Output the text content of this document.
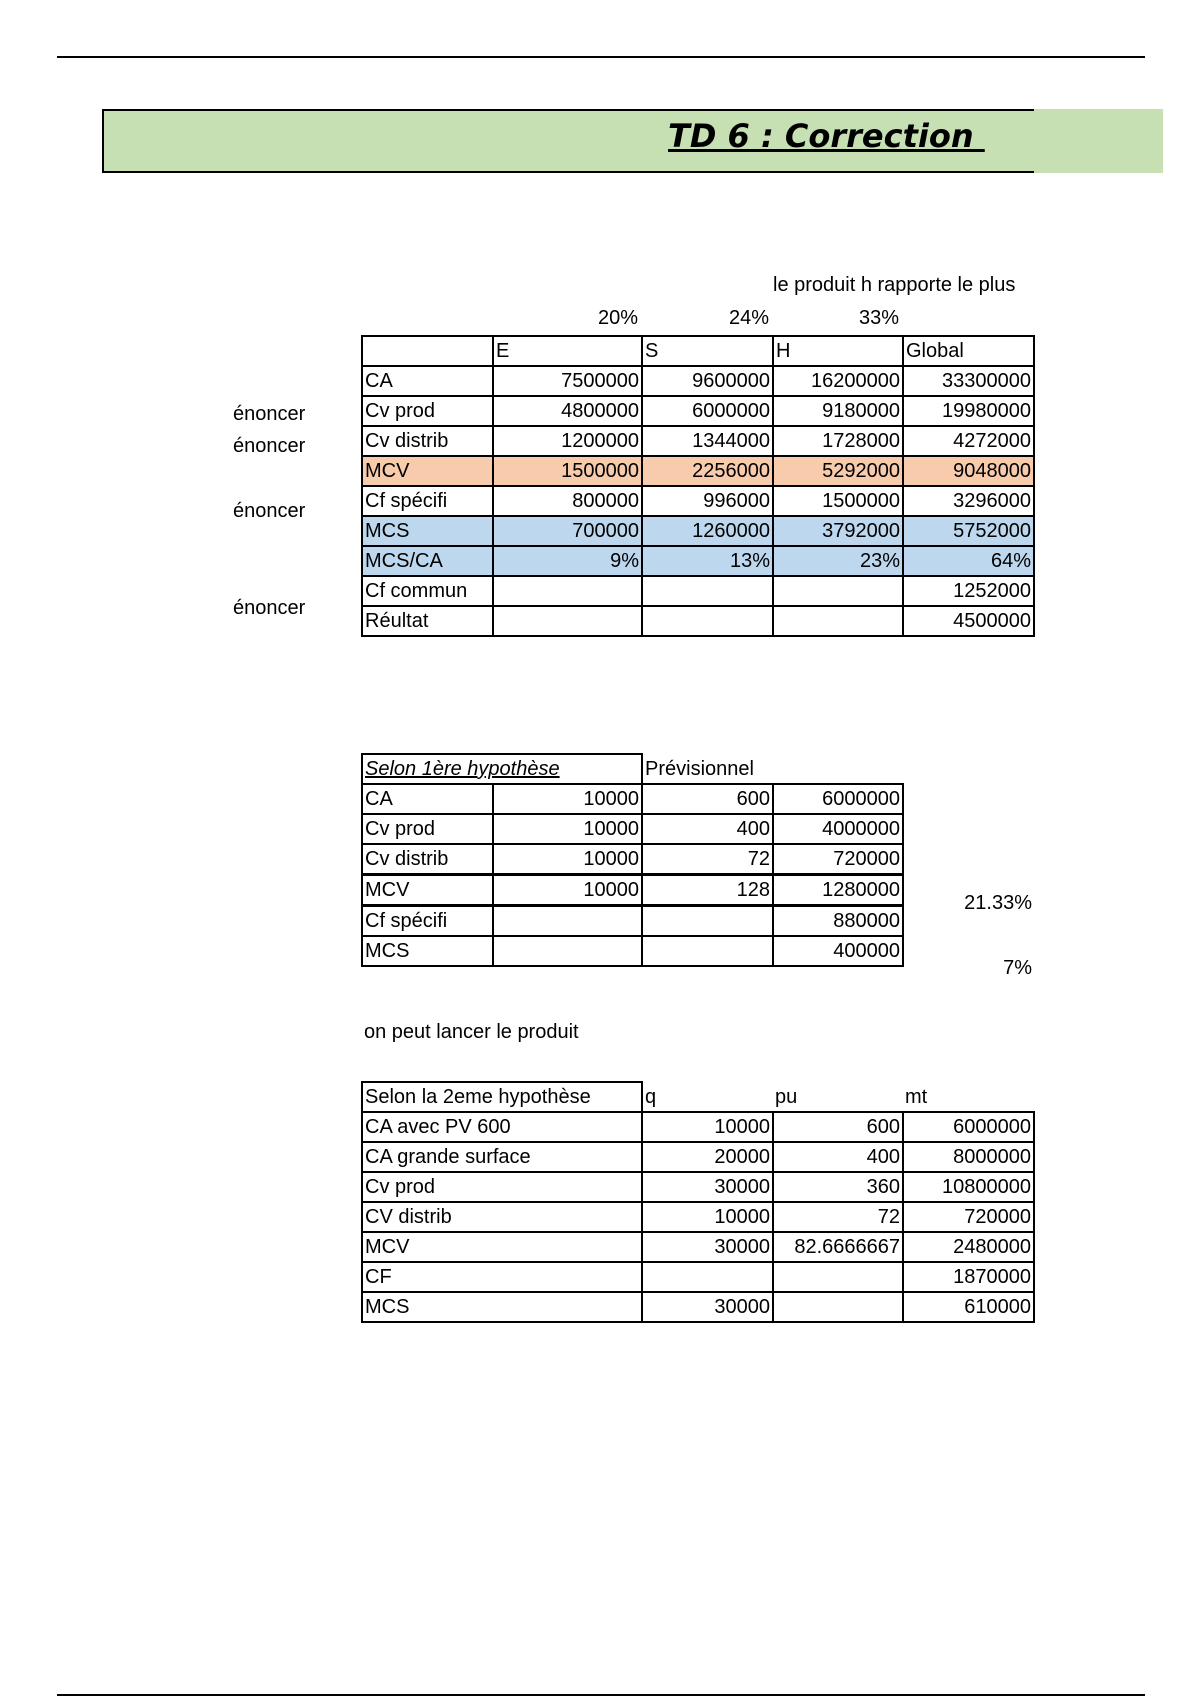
TD 6 : Correction
le produit h rapporte le plus
20%	24%	33%
énoncer
énoncer
énoncer
énoncer
	E	S	H	Global
CA	7500000	9600000	16200000	33300000
Cv prod	4800000	6000000	9180000	19980000
Cv distrib	1200000	1344000	1728000	4272000
MCV	1500000	2256000	5292000	9048000
Cf spécifi	800000	996000	1500000	3296000
MCS	700000	1260000	3792000	5752000
MCS/CA	9%	13%	23%	64%
Cf commun				1252000
Réultat				4500000
Selon 1ère hypothèse		Prévisionnel	
CA	10000	600	6000000
Cv prod	10000	400	4000000
Cv distrib	10000	72	720000
MCV	10000	128	1280000
Cf spécifi			880000
MCS			400000
21.33%
7%
on peut lancer le produit
Selon la 2eme hypothèse	q	pu	mt
CA avec PV 600	10000	600	6000000
CA grande surface	20000	400	8000000
Cv prod	30000	360	10800000
CV distrib	10000	72	720000
MCV	30000	82.6666667	2480000
CF			1870000
MCS	30000		610000
